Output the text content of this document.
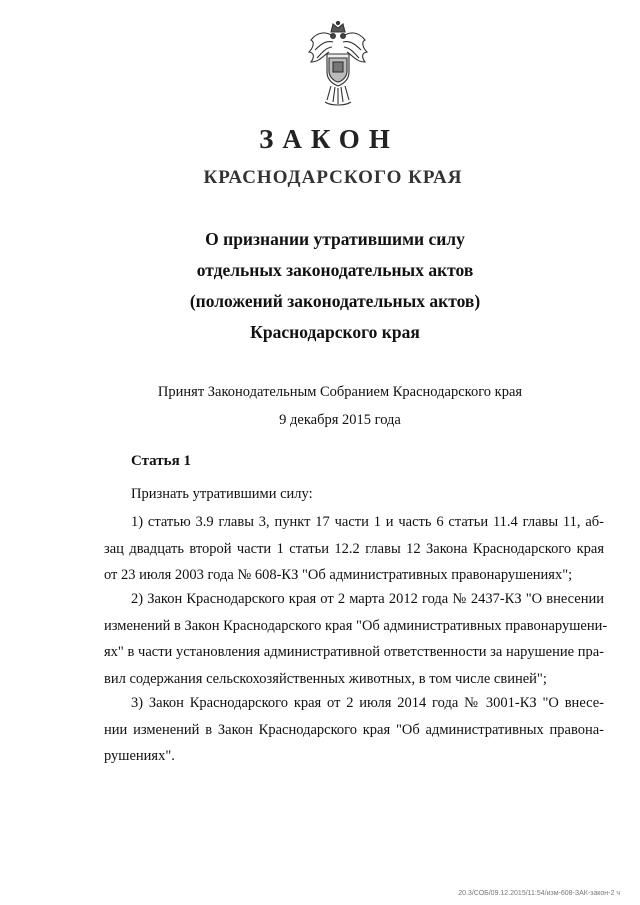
ЗАКОН
КРАСНОДАРСКОГО КРАЯ
О признании утратившими силу
отдельных законодательных актов
(положений законодательных актов)
Краснодарского края
Принят Законодательным Собранием Краснодарского края
9 декабря 2015 года
Статья 1
Признать утратившими силу:
1) статью 3.9 главы 3, пункт 17 части 1 и часть 6 статьи 11.4 главы 11, аб-
зац двадцать второй части 1 статьи 12.2 главы 12 Закона Краснодарского края
от 23 июля 2003 года № 608-КЗ "Об административных правонарушениях";
2) Закон Краснодарского края от 2 марта 2012 года № 2437-КЗ "О внесении
изменений в Закон Краснодарского края "Об административных правонарушени-
ях" в части установления административной ответственности за нарушение пра-
вил содержания сельскохозяйственных животных, в том числе свиней";
3) Закон Краснодарского края от 2 июля 2014 года № 3001-КЗ "О внесе-
нии изменений в Закон Краснодарского края "Об административных правона-
рушениях".
20.3/СОБ/09.12.2015/11:54/изм-608-ЗАК-закон-2 ч
